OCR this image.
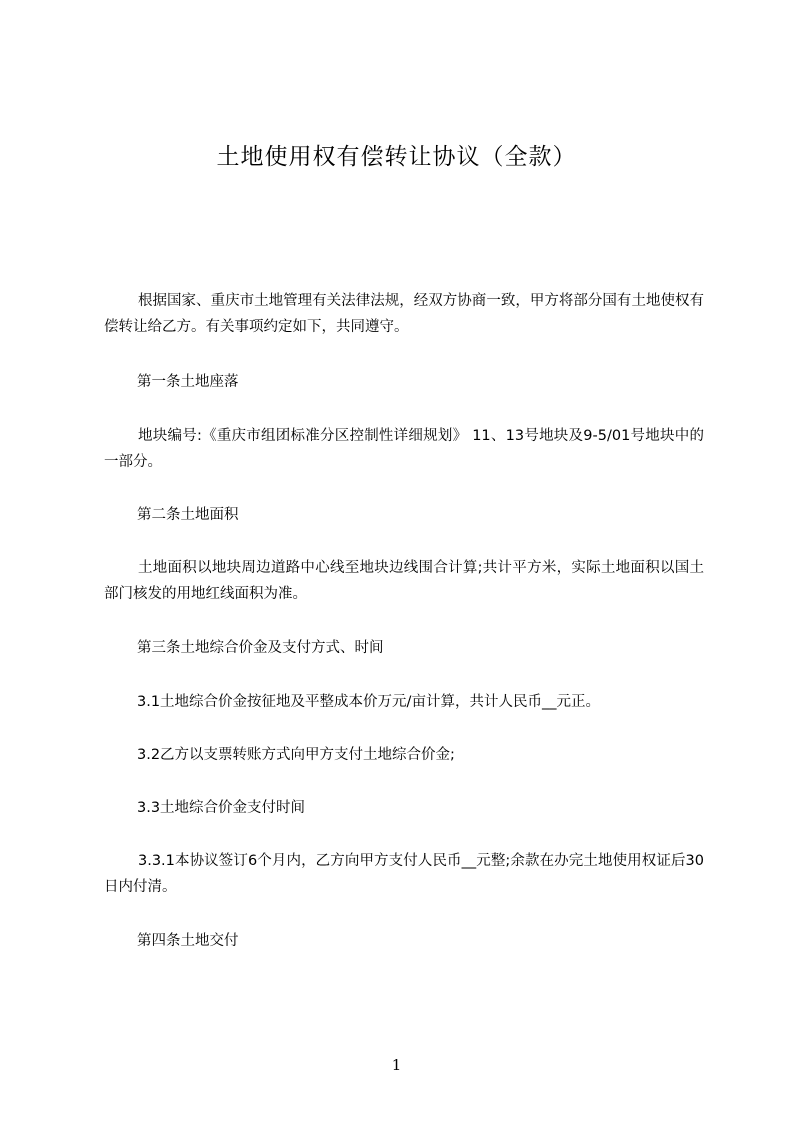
土地使用权有偿转让协议（全款）
根据国家、重庆市土地管理有关法律法规，经双方协商一致，甲方将部分国有土地使权有偿转让给乙方。有关事项约定如下，共同遵守。
第一条土地座落
地块编号:《重庆市组团标准分区控制性详细规划》 11、13号地块及9-5/01号地块中的一部分。
第二条土地面积
土地面积以地块周边道路中心线至地块边线围合计算;共计平方米，实际土地面积以国土部门核发的用地红线面积为准。
第三条土地综合价金及支付方式、时间
3.1土地综合价金按征地及平整成本价万元/亩计算，共计人民币__元正。
3.2乙方以支票转账方式向甲方支付土地综合价金;
3.3土地综合价金支付时间
3.3.1本协议签订6个月内，乙方向甲方支付人民币__元整;余款在办完土地使用权证后30日内付清。
第四条土地交付
1
